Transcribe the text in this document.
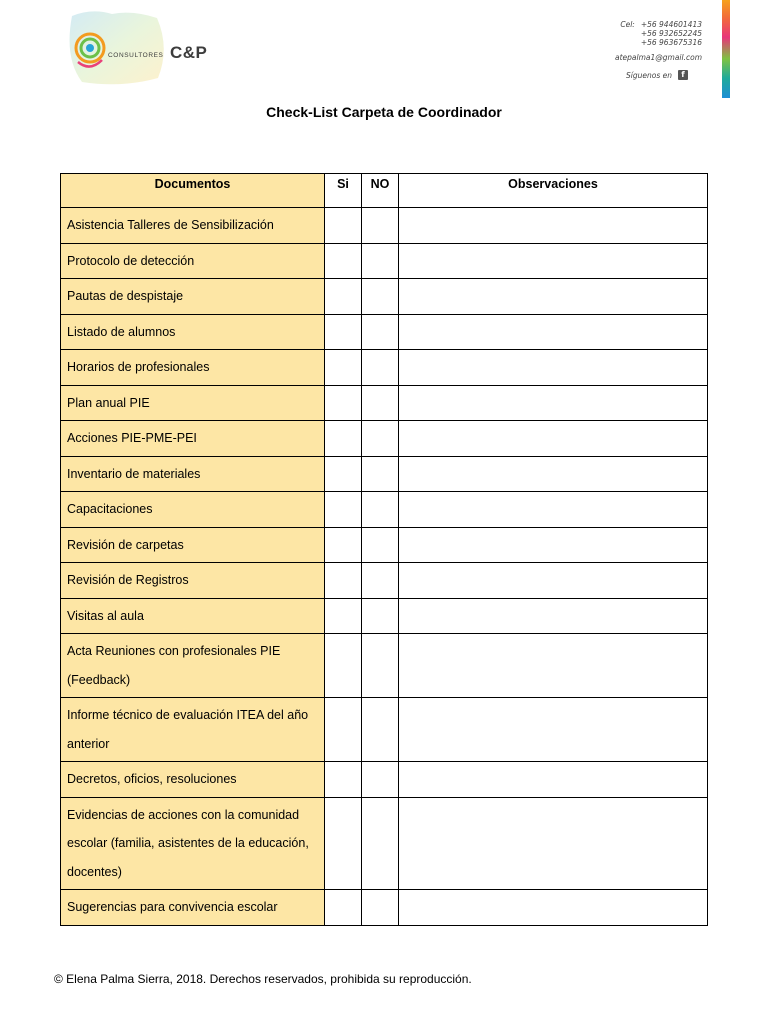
C&P
CONSULTORES
Cel: +56 944601413
+56 932652245
+56 963675316
atepalma1@gmail.com
Síguenos en	f
Check-List Carpeta de Coordinador
Documentos	Si	NO	Observaciones
Asistencia Talleres de Sensibilización			
Protocolo de detección			
Pautas de despistaje			
Listado de alumnos			
Horarios de profesionales			
Plan anual PIE			
Acciones PIE-PME-PEI			
Inventario de materiales			
Capacitaciones			
Revisión de carpetas			
Revisión de Registros			
Visitas al aula			
Acta Reuniones con profesionales PIE (Feedback)			
Informe técnico de evaluación ITEA del año anterior			
Decretos, oficios, resoluciones			
Evidencias de acciones con la comunidad escolar (familia, asistentes de la educación, docentes)			
Sugerencias para convivencia escolar			
© Elena Palma Sierra, 2018. Derechos reservados, prohibida su reproducción.
